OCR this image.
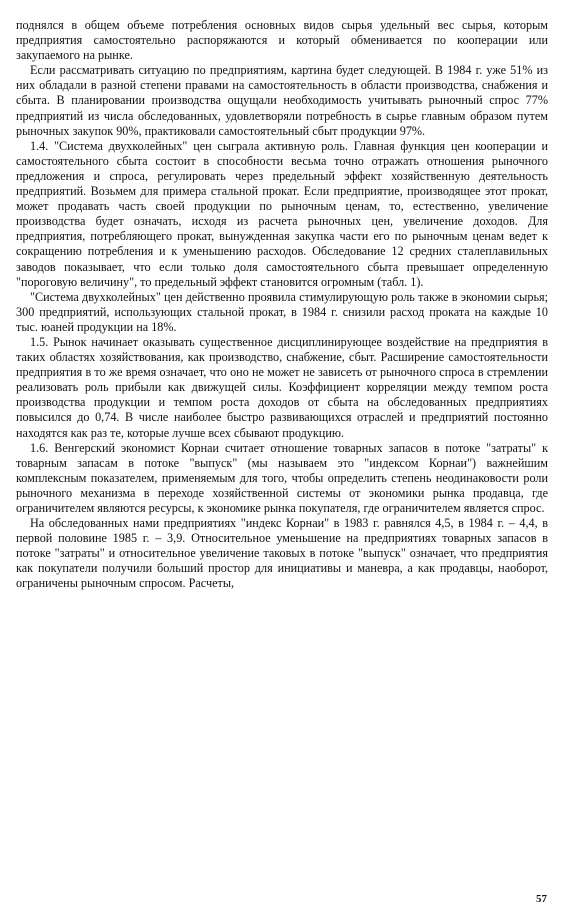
поднялся в общем объеме потребления основных видов сырья удельный вес сырья, которым предприятия самостоятельно распоряжаются и который обменивается по кооперации или закупаемого на рынке.

Если рассматривать ситуацию по предприятиям, картина будет следующей. В 1984 г. уже 51% из них обладали в разной степени правами на самостоятельность в области производства, снабжения и сбыта. В планировании производства ощущали необходимость учитывать рыночный спрос 77% предприятий из числа обследованных, удовлетворяли потребность в сырье главным образом путем рыночных закупок 90%, практиковали самостоятельный сбыт продукции 97%.

1.4. "Система двухколейных" цен сыграла активную роль. Главная функция цен кооперации и самостоятельного сбыта состоит в способности весьма точно отражать отношения рыночного предложения и спроса, регулировать через предельный эффект хозяйственную деятельность предприятий. Возьмем для примера стальной прокат. Если предприятие, производящее этот прокат, может продавать часть своей продукции по рыночным ценам, то, естественно, увеличение производства будет означать, исходя из расчета рыночных цен, увеличение доходов. Для предприятия, потребляющего прокат, вынужденная закупка части его по рыночным ценам ведет к сокращению потребления и к уменьшению расходов. Обследование 12 средних сталеплавильных заводов показывает, что если только доля самостоятельного сбыта превышает определенную "пороговую величину", то предельный эффект становится огромным (табл. 1).

"Система двухколейных" цен действенно проявила стимулирующую роль также в экономии сырья; 300 предприятий, использующих стальной прокат, в 1984 г. снизили расход проката на каждые 10 тыс. юаней продукции на 18%.

1.5. Рынок начинает оказывать существенное дисциплинирующее воздействие на предприятия в таких областях хозяйствования, как производство, снабжение, сбыт. Расширение самостоятельности предприятия в то же время означает, что оно не может не зависеть от рыночного спроса в стремлении реализовать роль прибыли как движущей силы. Коэффициент корреляции между темпом роста производства продукции и темпом роста доходов от сбыта на обследованных предприятиях повысился до 0,74. В числе наиболее быстро развивающихся отраслей и предприятий постоянно находятся как раз те, которые лучше всех сбывают продукцию.

1.6. Венгерский экономист Корнаи считает отношение товарных запасов в потоке "затраты" к товарным запасам в потоке "выпуск" (мы называем это "индексом Корнаи") важнейшим комплексным показателем, применяемым для того, чтобы определить степень неодинаковости роли рыночного механизма в переходе хозяйственной системы от экономики рынка продавца, где ограничителем являются ресурсы, к экономике рынка покупателя, где ограничителем является спрос.

На обследованных нами предприятиях "индекс Корнаи" в 1983 г. равнялся 4,5, в 1984 г. – 4,4, в первой половине 1985 г. – 3,9. Относительное уменьшение на предприятиях товарных запасов в потоке "затраты" и относительное увеличение таковых в потоке "выпуск" означает, что предприятия как покупатели получили больший простор для инициативы и маневра, а как продавцы, наоборот, ограничены рыночным спросом. Расчеты,

57
